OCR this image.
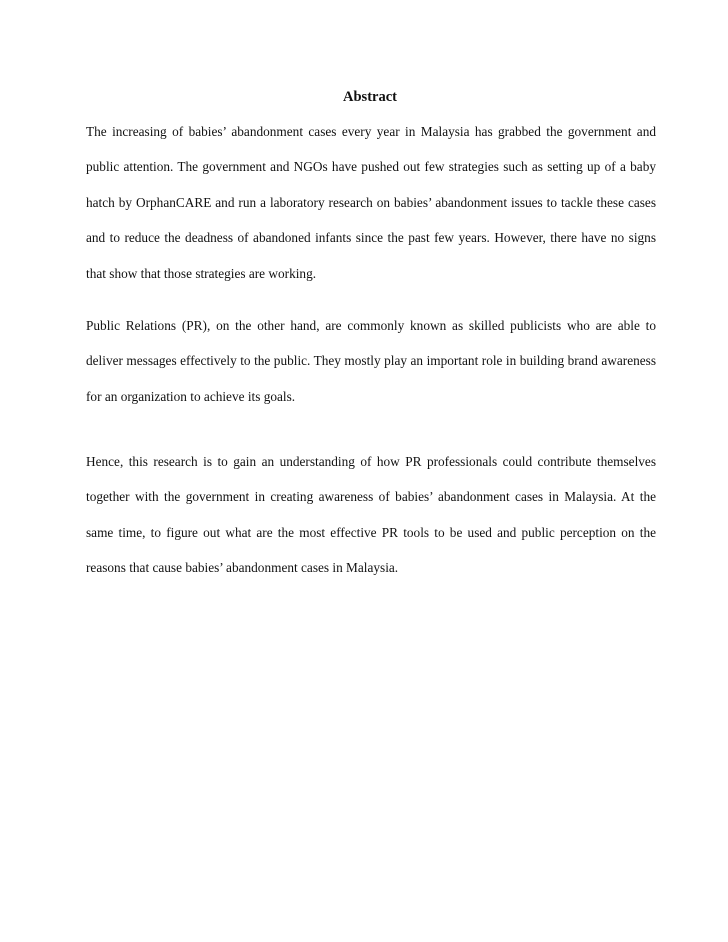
Abstract

The increasing of babies’ abandonment cases every year in Malaysia has grabbed the government and public attention. The government and NGOs have pushed out few strategies such as setting up of a baby hatch by OrphanCARE and run a laboratory research on babies’ abandonment issues to tackle these cases and to reduce the deadness of abandoned infants since the past few years. However, there have no signs that show that those strategies are working.

Public Relations (PR), on the other hand, are commonly known as skilled publicists who are able to deliver messages effectively to the public. They mostly play an important role in building brand awareness for an organization to achieve its goals.

Hence, this research is to gain an understanding of how PR professionals could contribute themselves together with the government in creating awareness of babies’ abandonment cases in Malaysia. At the same time, to figure out what are the most effective PR tools to be used and public perception on the reasons that cause babies’ abandonment cases in Malaysia.
